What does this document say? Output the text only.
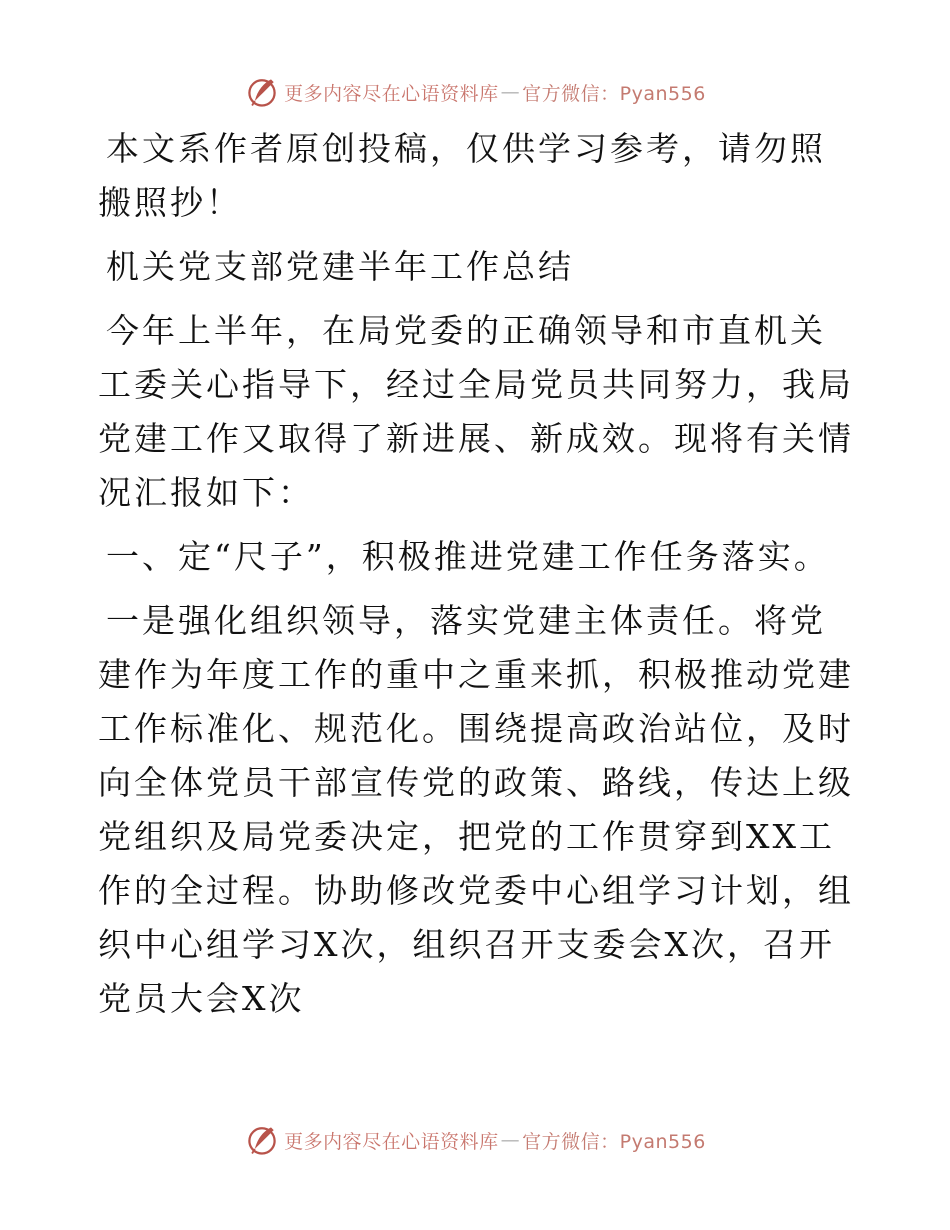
更多内容尽在心语资料库 — 官方微信：Pyan556

本文系作者原创投稿，仅供学习参考，请勿照搬照抄！

机关党支部党建半年工作总结

今年上半年，在局党委的正确领导和市直机关工委关心指导下，经过全局党员共同努力，我局党建工作又取得了新进展、新成效。现将有关情况汇报如下：

一、定“尺子”，积极推进党建工作任务落实。

一是强化组织领导，落实党建主体责任。将党建作为年度工作的重中之重来抓，积极推动党建工作标准化、规范化。围绕提高政治站位，及时向全体党员干部宣传党的政策、路线，传达上级党组织及局党委决定，把党的工作贯穿到XX工作的全过程。协助修改党委中心组学习计划，组织中心组学习X次，组织召开支委会X次，召开党员大会X次

更多内容尽在心语资料库 — 官方微信：Pyan556
